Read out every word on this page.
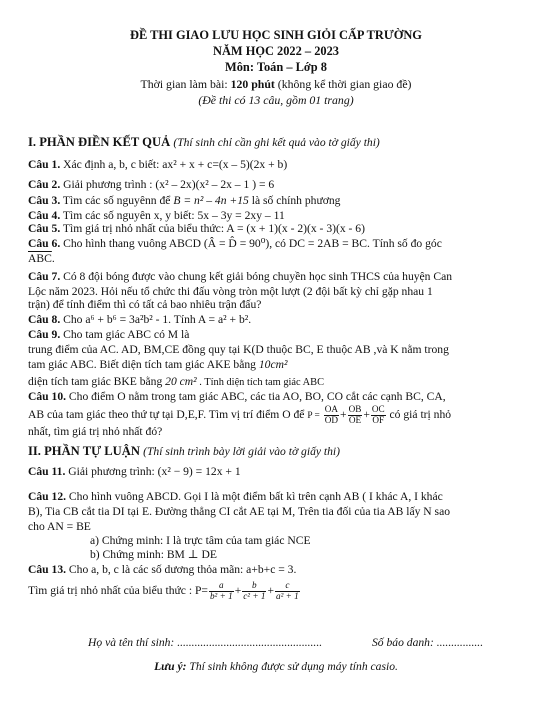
ĐỀ THI GIAO LƯU HỌC SINH GIỎI CẤP TRƯỜNG
NĂM HỌC 2022 – 2023
Môn: Toán – Lớp 8
Thời gian làm bài: 120 phút (không kể thời gian giao đề)
(Đề thi có 13 câu, gồm 01 trang)
I. PHẦN ĐIỀN KẾT QUẢ (Thí sinh chỉ cần ghi kết quả vào tờ giấy thi)
Câu 1. Xác định a, b, c biết: ax² + x + c=(x – 5)(2x + b)
Câu 2. Giải phương trình : (x² – 2x)(x² – 2x – 1 ) = 6
Câu 3. Tìm các số nguyênn để B = n² – 4n +15 là số chính phương
Câu 4. Tìm các số nguyên x, y biết: 5x – 3y = 2xy – 11
Câu 5. Tìm giá trị nhỏ nhất của biểu thức: A = (x + 1)(x - 2)(x - 3)(x - 6)
Câu 6. Cho hình thang vuông ABCD (Â = D̂ = 90⁰), có DC = 2AB = BC. Tính số đo góc
$\overline{ABC}$.
Câu 7. Có 8 đội bóng được vào chung kết giải bóng chuyền học sinh THCS của huyện Can
Lộc năm 2023. Hỏi nếu tổ chức thi đấu vòng tròn một lượt (2 đội bất kỳ chỉ gặp nhau 1
trận) để tính điểm thì có tất cả bao nhiêu trận đấu?
Câu 8. Cho a⁶ + b⁶ = 3a²b² - 1. Tính A = a² + b².
Câu 9. Cho tam giác ABC có M là
trung điểm của AC. AD, BM,CE đồng quy tại K(D thuộc BC, E thuộc AB ,và K nằm trong
tam giác ABC. Biết diện tích tam giác AKE bằng 10cm²
diện tích tam giác BKE bằng 20 cm² . Tính diện tích tam giác ABC
Câu 10. Cho điểm O nằm trong tam giác ABC, các tia AO, BO, CO cắt các cạnh BC, CA,
AB của tam giác theo thứ tự tại D,E,F. Tìm vị trí điểm O để $P = \frac{OA}{OD} + \frac{OB}{OE} + \frac{OC}{OF}$ có giá trị nhỏ
nhất, tìm giá trị nhỏ nhất đó?
II. PHẦN TỰ LUẬN (Thí sinh trình bày lời giải vào tờ giấy thi)
Câu 11. Giải phương trình: (x² − 9) = 12x + 1
Câu 12. Cho hình vuông ABCD. Gọi I là một điểm bất kì trên cạnh AB ( I khác A, I khác
B), Tia CB cắt tia DI tại E. Đường thẳng CI cắt AE tại M, Trên tia đối của tia AB lấy N sao
cho AN = BE
a) Chứng minh: I là trực tâm của tam giác NCE
b) Chứng minh: BM ⊥ DE
Câu 13. Cho a, b, c là các số dương thỏa mãn: a+b+c = 3.
Tìm giá trị nhỏ nhất của biểu thức : $P= \frac{a}{\text{b² + 1}} + \frac{b}{\text{c² + 1}} + \frac{c}{\text{a² + 1}}$
Họ và tên thí sinh: ..................................................	Số báo danh: ................
Lưu ý: Thí sinh không được sử dụng máy tính casio.
